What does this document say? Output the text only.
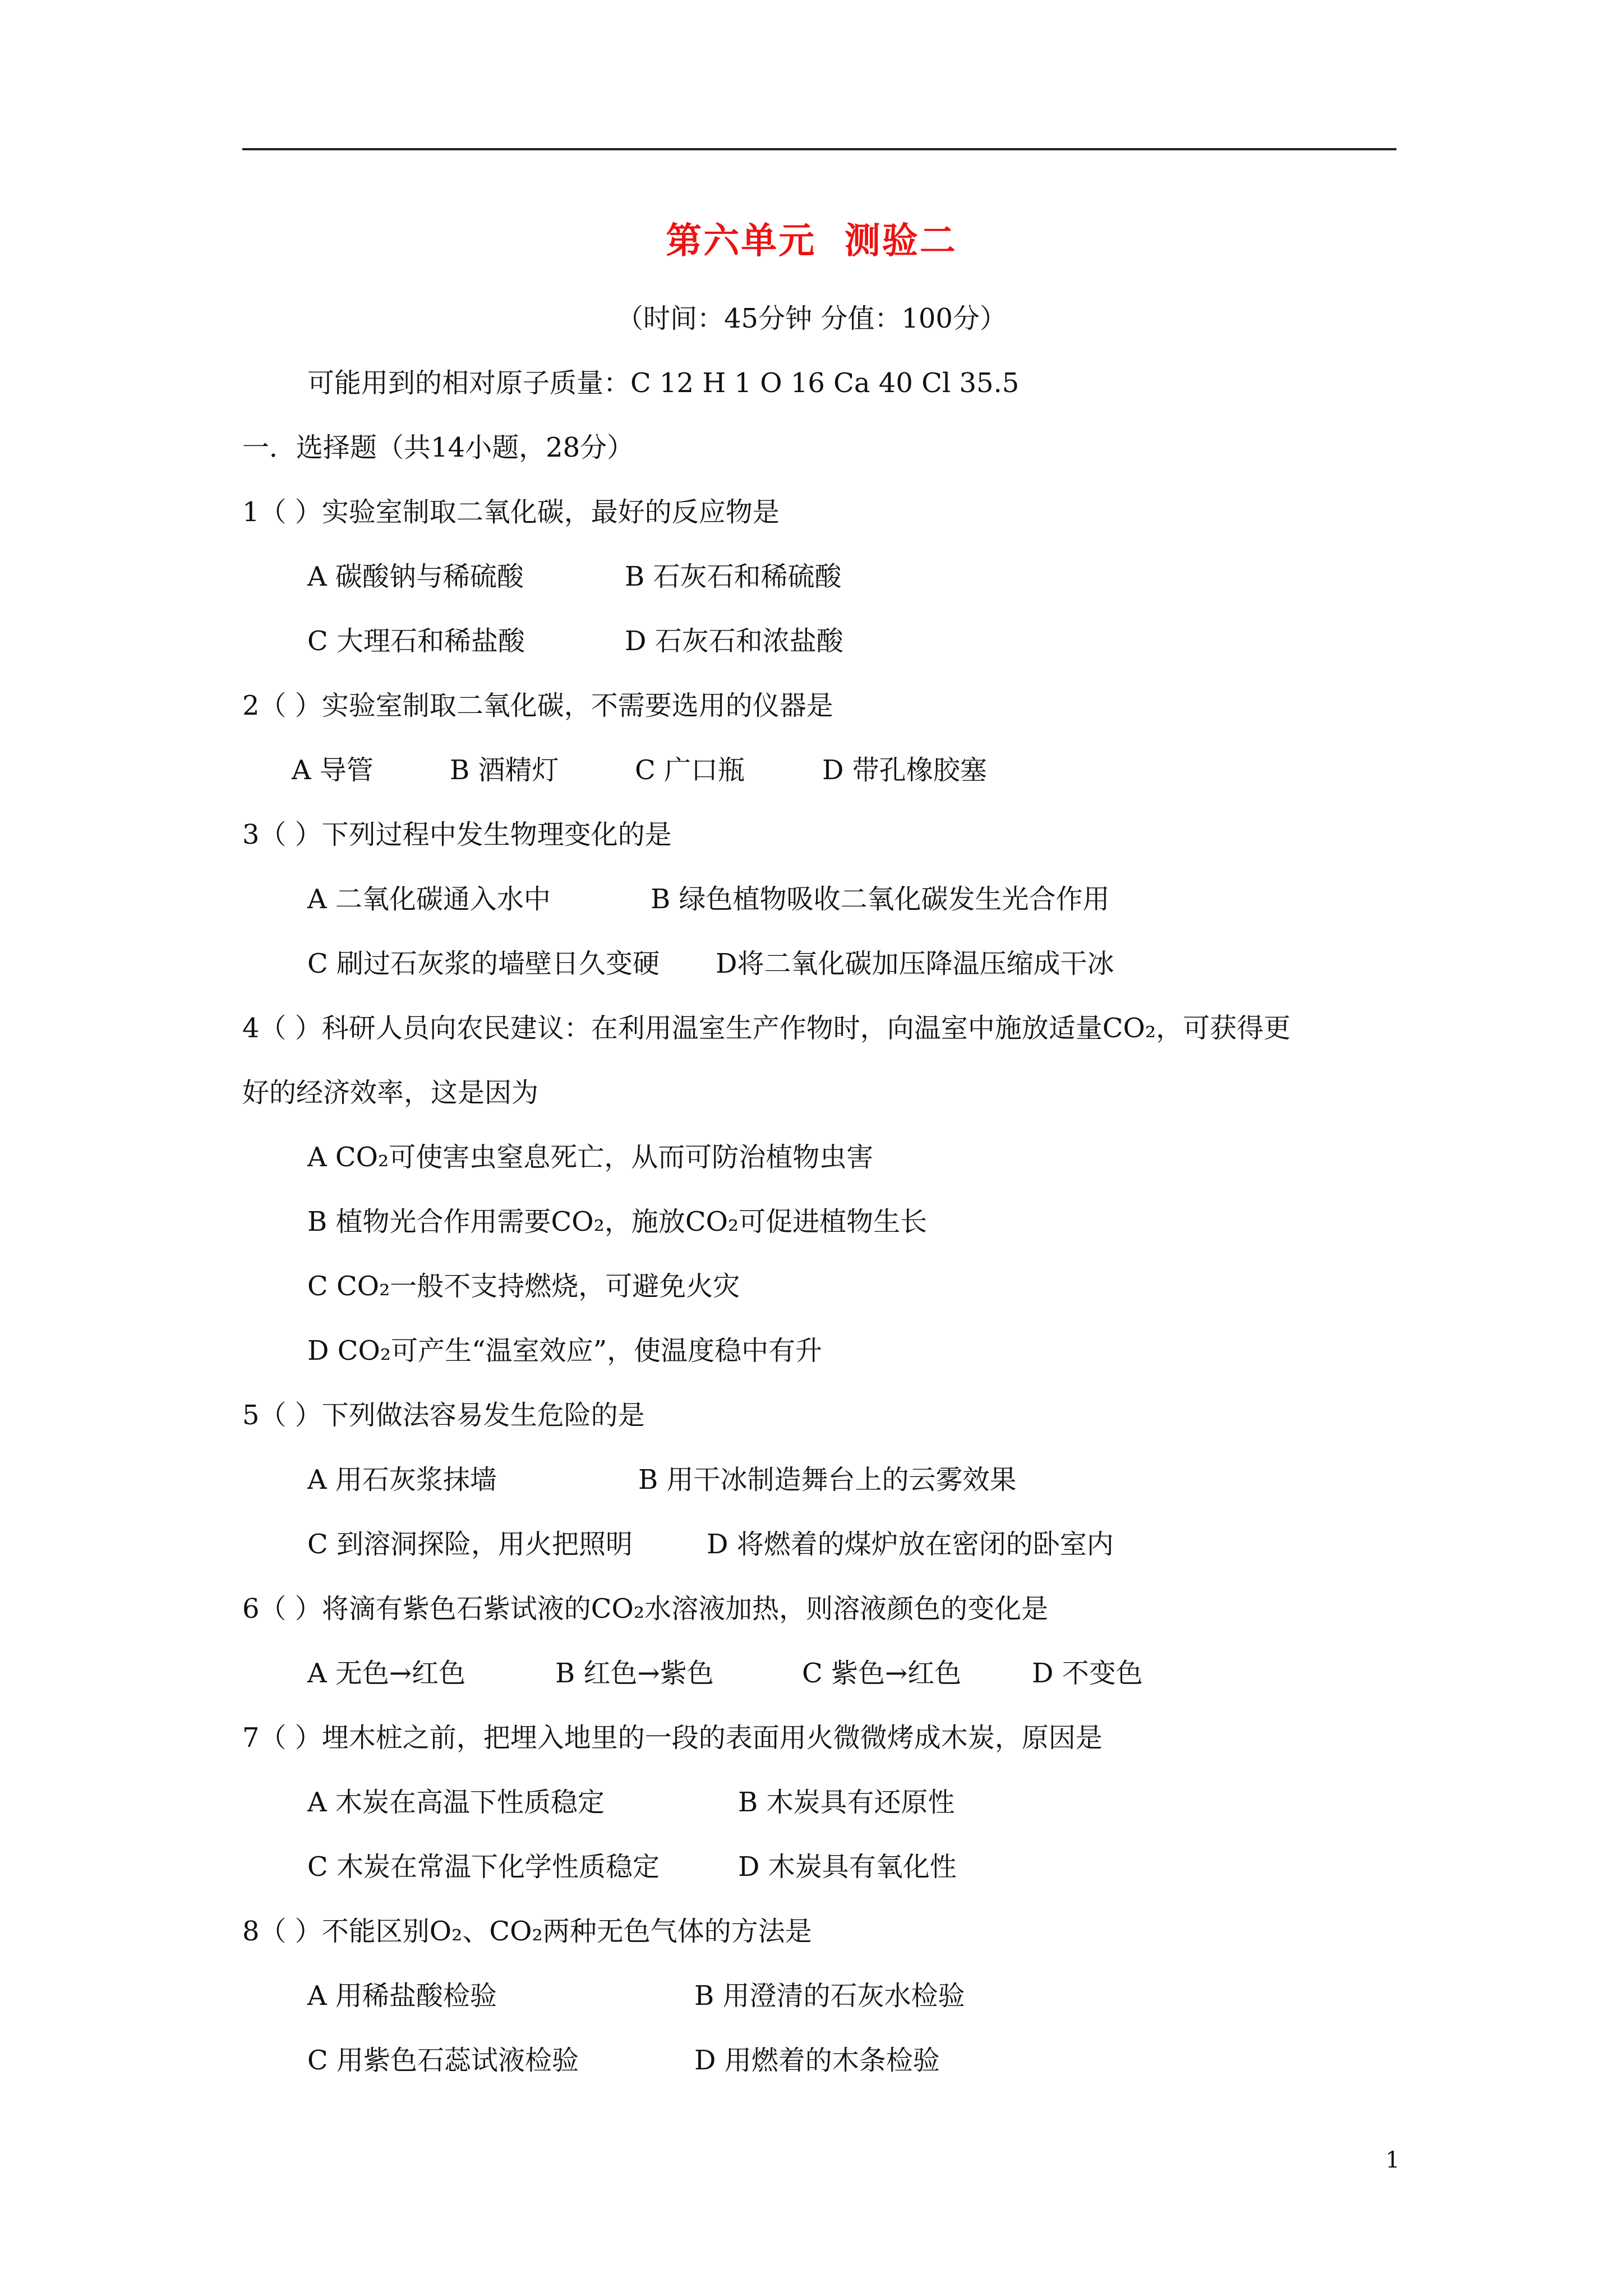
第六单元  测验二
（时间：45分钟 分值：100分）
可能用到的相对原子质量：C 12 H 1 O 16 Ca 40 Cl 35.5
一．选择题（共14小题，28分）
1（ ）实验室制取二氧化碳，最好的反应物是
A 碳酸钠与稀硫酸	B 石灰石和稀硫酸
C 大理石和稀盐酸	D 石灰石和浓盐酸
2（ ）实验室制取二氧化碳，不需要选用的仪器是
A 导管	B 酒精灯	C 广口瓶	D 带孔橡胶塞
3（ ）下列过程中发生物理变化的是
A 二氧化碳通入水中	B 绿色植物吸收二氧化碳发生光合作用
C 刷过石灰浆的墙壁日久变硬 D将二氧化碳加压降温压缩成干冰
4（ ）科研人员向农民建议：在利用温室生产作物时，向温室中施放适量CO₂，可获得更
好的经济效率，这是因为
A CO₂可使害虫窒息死亡，从而可防治植物虫害
B 植物光合作用需要CO₂，施放CO₂可促进植物生长
C CO₂一般不支持燃烧，可避免火灾
D CO₂可产生“温室效应”，使温度稳中有升
5（ ）下列做法容易发生危险的是
A 用石灰浆抹墙	B 用干冰制造舞台上的云雾效果
C 到溶洞探险，用火把照明	D 将燃着的煤炉放在密闭的卧室内
6（ ）将滴有紫色石紫试液的CO₂水溶液加热，则溶液颜色的变化是
A 无色→红色	B 红色→紫色	C 紫色→红色	D 不变色
7（ ）埋木桩之前，把埋入地里的一段的表面用火微微烤成木炭，原因是
A 木炭在高温下性质稳定	B 木炭具有还原性
C 木炭在常温下化学性质稳定	D 木炭具有氧化性
8（ ）不能区别O₂、CO₂两种无色气体的方法是
A 用稀盐酸检验	B 用澄清的石灰水检验
C 用紫色石蕊试液检验	D 用燃着的木条检验
1
